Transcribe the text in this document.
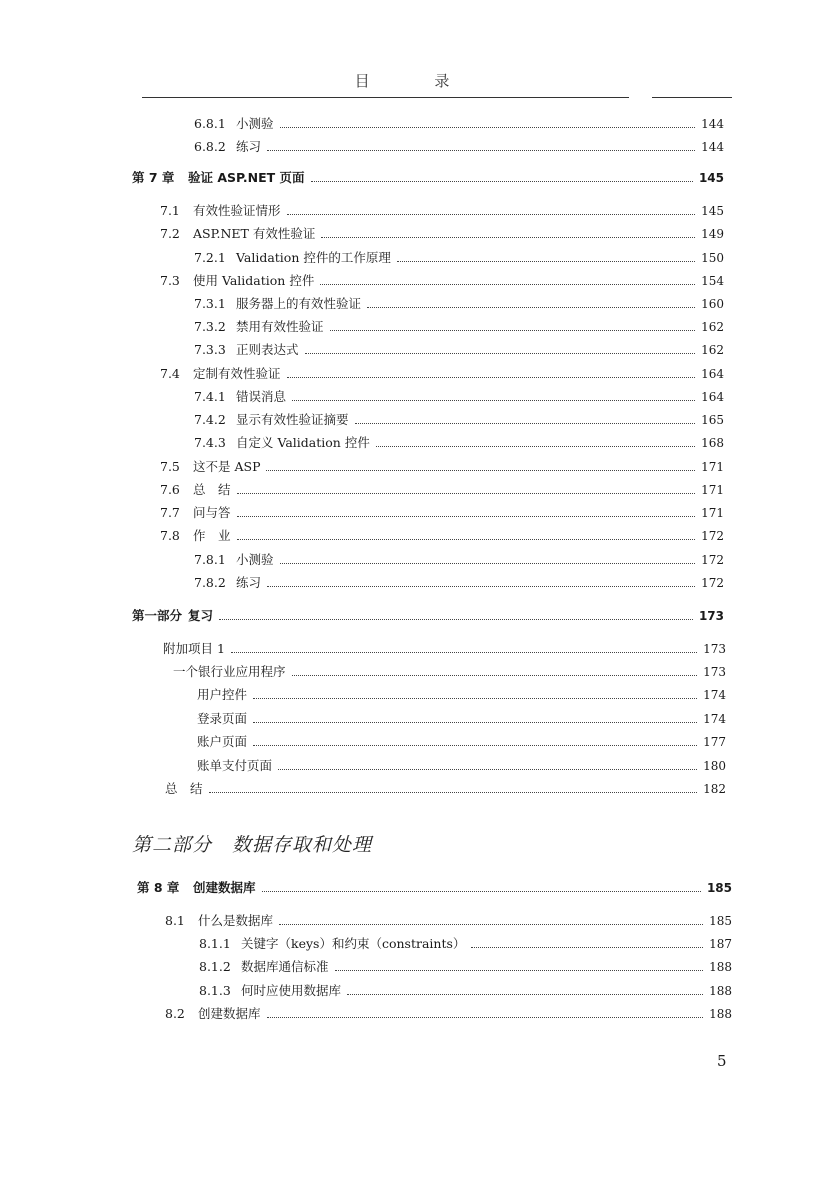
目 录
6.8.1 小测验	144
6.8.2 练习	144
第 7 章	验证 ASP.NET 页面	145
7.1	有效性验证情形	145
7.2	ASP.NET 有效性验证	149
7.2.1 Validation 控件的工作原理	150
7.3	使用 Validation 控件	154
7.3.1 服务器上的有效性验证	160
7.3.2 禁用有效性验证	162
7.3.3 正则表达式	162
7.4	定制有效性验证	164
7.4.1 错误消息	164
7.4.2 显示有效性验证摘要	165
7.4.3 自定义 Validation 控件	168
7.5	这不是 ASP	171
7.6	总　结	171
7.7	问与答	171
7.8	作　业	172
7.8.1 小测验	172
7.8.2 练习	172
第一部分 复习	173
附加项目 1	173
一个银行业应用程序	173
用户控件	174
登录页面	174
账户页面	177
账单支付页面	180
总　结	182
第 8 章	创建数据库	185
8.1	什么是数据库	185
8.1.1 关键字（keys）和约束（constraints）	187
8.1.2 数据库通信标准	188
8.1.3 何时应使用数据库	188
8.2	创建数据库	188
第二部分　数据存取和处理
5
